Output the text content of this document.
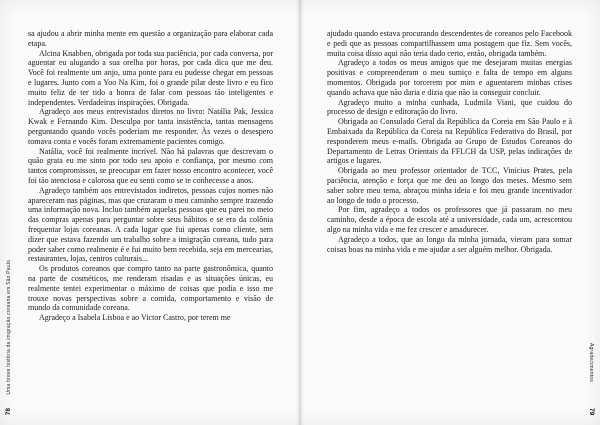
sa ajudou a abrir minha mente em questão a organização para elaborar cada etapa.

Alcina Knabben, obrigada por toda sua paciência, por cada conversa, por aguentar eu alugando a sua orelha por horas, por cada dica que me deu. Você foi realmente um anjo, uma ponte para eu pudesse chegar em pessoas e lugares. Junto com a Yoo Na Kim, foi o grande pilar deste livro e eu fico muito feliz de ter tido a honra de falar com pessoas tão inteligentes e independentes. Verdadeiras inspirações. Obrigada.

Agradeço aos meus entrevistados diretos no livro: Natália Pak, Jessica Kwak e Fernando Kim. Desculpa por tanta insistência, tantas mensagens perguntando quando vocês poderiam me responder. Às vezes o desespero tomava conta e vocês foram extremamente pacientes comigo.

Natália, você foi realmente incrível. Não há palavras que descrevam o quão grata eu me sinto por todo seu apoio e confiança, por mesmo com tantos compromissos, se preocupar em fazer nosso encontro acontecer, você foi tão atenciosa e calorosa que eu senti como se te conhecesse a anos.

Agradeço também aos entrevistados indiretos, pessoas cujos nomes não apareceram nas páginas, mas que cruzaram o meu caminho sempre trazendo uma informação nova. Incluo também aquelas pessoas que eu parei no meio das compras apenas para perguntar sobre seus hábitos e se era da colônia frequentar lojas coreanas. A cada lugar que fui apenas como cliente, sem dizer que estava fazendo um trabalho sobre a imigração coreana, tudo para poder saber como realmente é e fui muito bem recebida, seja em mercearias, restaurantes, lojas, centros culturais...

Os produtos coreanos que compro tanto na parte gastronômica, quanto na parte de cosméticos, me renderam risadas e as situações únicas, eu realmente tentei experimentar o máximo de coisas que podia e isso me trouxe novas perspectivas sobre a comida, comportamento e visão de mundo da comunidade coreana.

Agradeço a Isabela Lisboa e ao Victor Castro, por terem me

Uma breve história da imigração coreana em São Paulo
78

ajudado quando estava procurando descendentes de coreanos pelo Facebook e pedi que as pessoas compartilhassem uma postagem que fiz. Sem vocês, muita coisa disso aqui não teria dado certo, então, obrigada também.

Agradeço a todos os meus amigos que me desejaram muitas energias positivas e compreenderam o meu sumiço e falta de tempo em alguns momentos. Obrigada por torcerem por mim e aguentarem minhas crises quando achava que não daria e dizia que não ia conseguir concluir.

Agradeço muito a minha cunhada, Ludmila Viani, que cuidou do processo de design e editoração do livro.

Obrigada ao Consulado Geral da República da Coreia em São Paulo e à Embaixada da República da Coreia na República Federativa do Brasil, por responderem meus e-mails. Obrigada ao Grupo de Estudos Coreanos do Departamento de Letras Orientais da FFLCH da USP, pelas indicações de artigos e lugares.

Obrigada ao meu professor orientador de TCC, Vinicius Prates, pela paciência, atenção e força que me deu ao longo dos meses. Mesmo sem saber sobre meu tema, abraçou minha ideia e foi meu grande incentivador ao longo de todo o processo.

Por fim, agradeço a todos os professores que já passaram no meu caminho, desde a época de escola até a universidade, cada um, acrescentou algo na minha vida e me fez crescer e amadurecer.

Agradeço a todos, que ao longo da minha jornada, vieram para somar coisas boas na minha vida e me ajudar a ser alguém melhor. Obrigada.

Agradecimentos
79
